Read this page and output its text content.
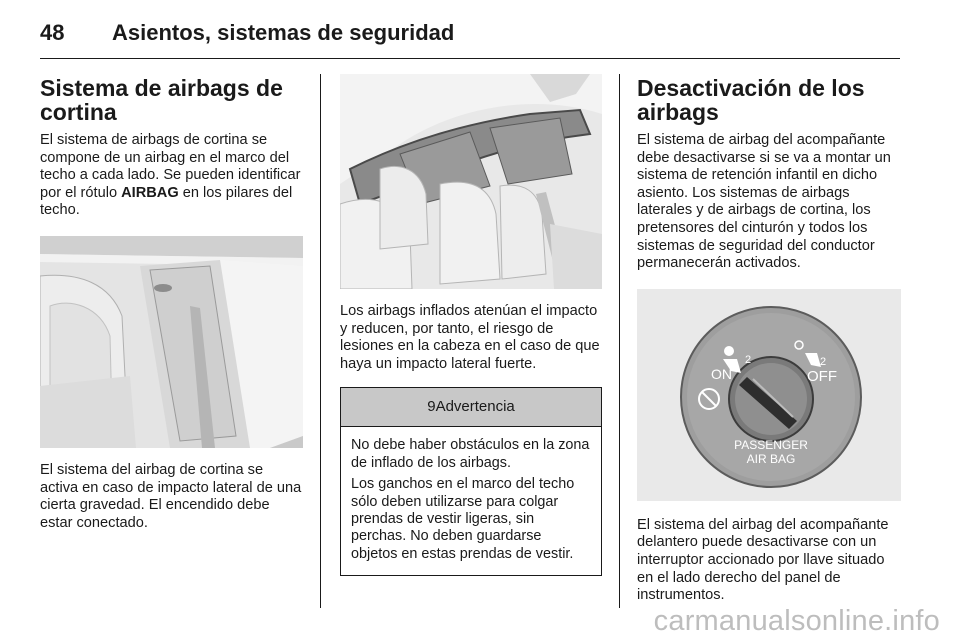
48 Asientos, sistemas de seguridad
Sistema de airbags de cortina

El sistema de airbags de cortina se compone de un airbag en el marco del techo a cada lado. Se pueden identificar por el rótulo AIRBAG en los pilares del techo.

El sistema del airbag de cortina se activa en caso de impacto lateral de una cierta gravedad. El encendido debe estar conectado.

Los airbags inflados atenúan el impacto y reducen, por tanto, el riesgo de lesiones en la cabeza en el caso de que haya un impacto lateral fuerte.

9Advertencia

No debe haber obstáculos en la zona de inflado de los airbags.

Los ganchos en el marco del techo sólo deben utilizarse para colgar prendas de vestir ligeras, sin perchas. No deben guardarse objetos en estas prendas de vestir.

Desactivación de los airbags

El sistema de airbag del acompañante debe desactivarse si se va a montar un sistema de retención infantil en dicho asiento. Los sistemas de airbags laterales y de airbags de cortina, los pretensores del cinturón y todos los sistemas de seguridad del conductor permanecerán activados.

2	2
ON	OFF
PASSENGER
AIR BAG

El sistema del airbag del acompañante delantero puede desactivarse con un interruptor accionado por llave situado en el lado derecho del panel de instrumentos.

carmanualsonline.info
